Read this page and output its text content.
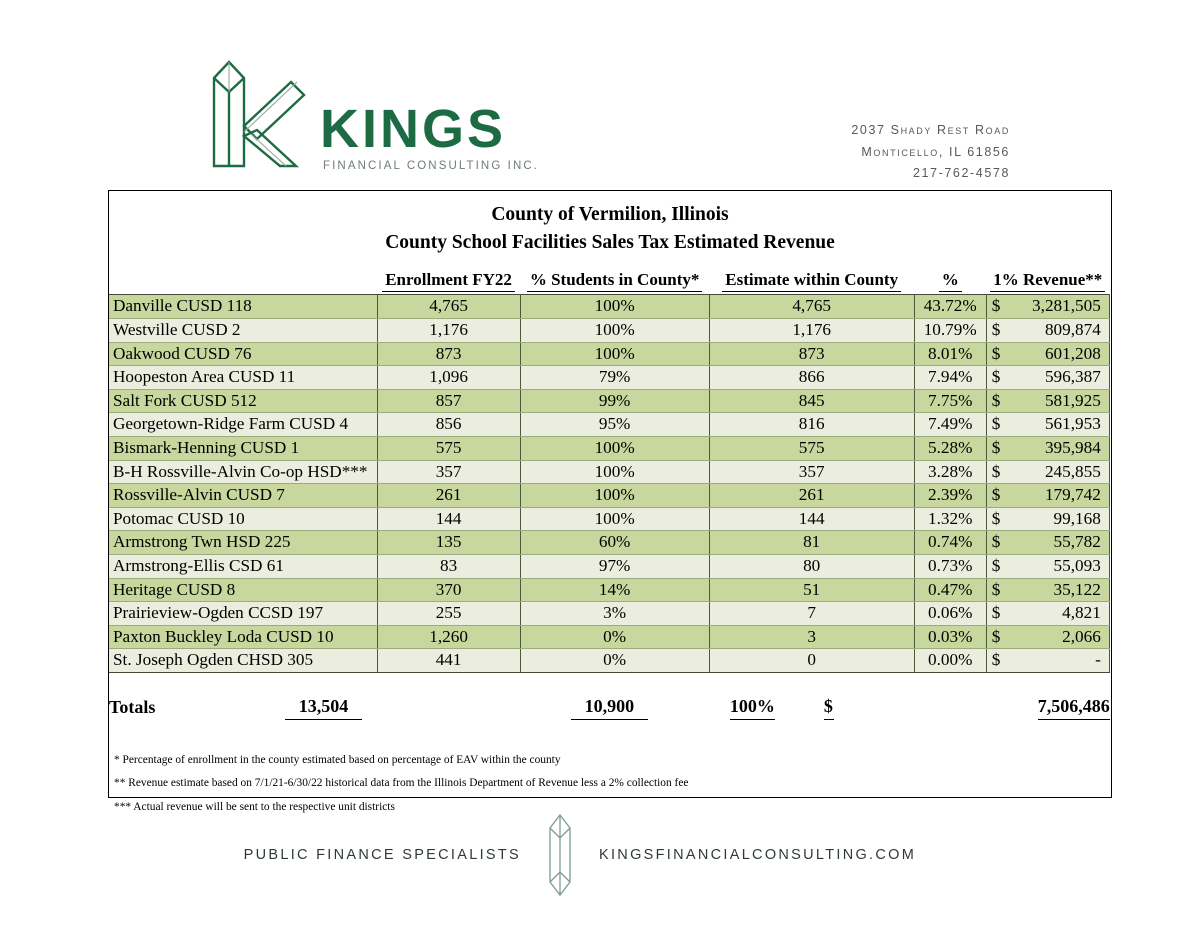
KINGS
FINANCIAL CONSULTING INC.
2037 Shady Rest Road
Monticello, IL 61856
217-762-4578
County of Vermilion, Illinois
County School Facilities Sales Tax Estimated Revenue
	Enrollment FY22	% Students in County*	Estimate within County	%	1% Revenue**	
Danville CUSD 118	4,765	100%	4,765	43.72%	$	3,281,505
Westville CUSD 2	1,176	100%	1,176	10.79%	$	809,874
Oakwood CUSD 76	873	100%	873	8.01%	$	601,208
Hoopeston Area CUSD 11	1,096	79%	866	7.94%	$	596,387
Salt Fork CUSD 512	857	99%	845	7.75%	$	581,925
Georgetown-Ridge Farm CUSD 4	856	95%	816	7.49%	$	561,953
Bismark-Henning CUSD 1	575	100%	575	5.28%	$	395,984
B-H Rossville-Alvin Co-op HSD***	357	100%	357	3.28%	$	245,855
Rossville-Alvin CUSD 7	261	100%	261	2.39%	$	179,742
Potomac CUSD 10	144	100%	144	1.32%	$	99,168
Armstrong Twn HSD 225	135	60%	81	0.74%	$	55,782
Armstrong-Ellis CSD 61	83	97%	80	0.73%	$	55,093
Heritage CUSD 8	370	14%	51	0.47%	$	35,122
Prairieview-Ogden CCSD 197	255	3%	7	0.06%	$	4,821
Paxton Buckley Loda CUSD 10	1,260	0%	3	0.03%	$	2,066
St. Joseph Ogden CHSD 305	441	0%	0	0.00%	$	-
Totals	13,504		10,900	100%	$	7,506,486
* Percentage of enrollment in the county estimated based on percentage of EAV within the county
** Revenue estimate based on 7/1/21-6/30/22 historical data from the Illinois Department of Revenue less a 2% collection fee
*** Actual revenue will be sent to the respective unit districts
PUBLIC FINANCE SPECIALISTS	KINGSFINANCIALCONSULTING.COM
